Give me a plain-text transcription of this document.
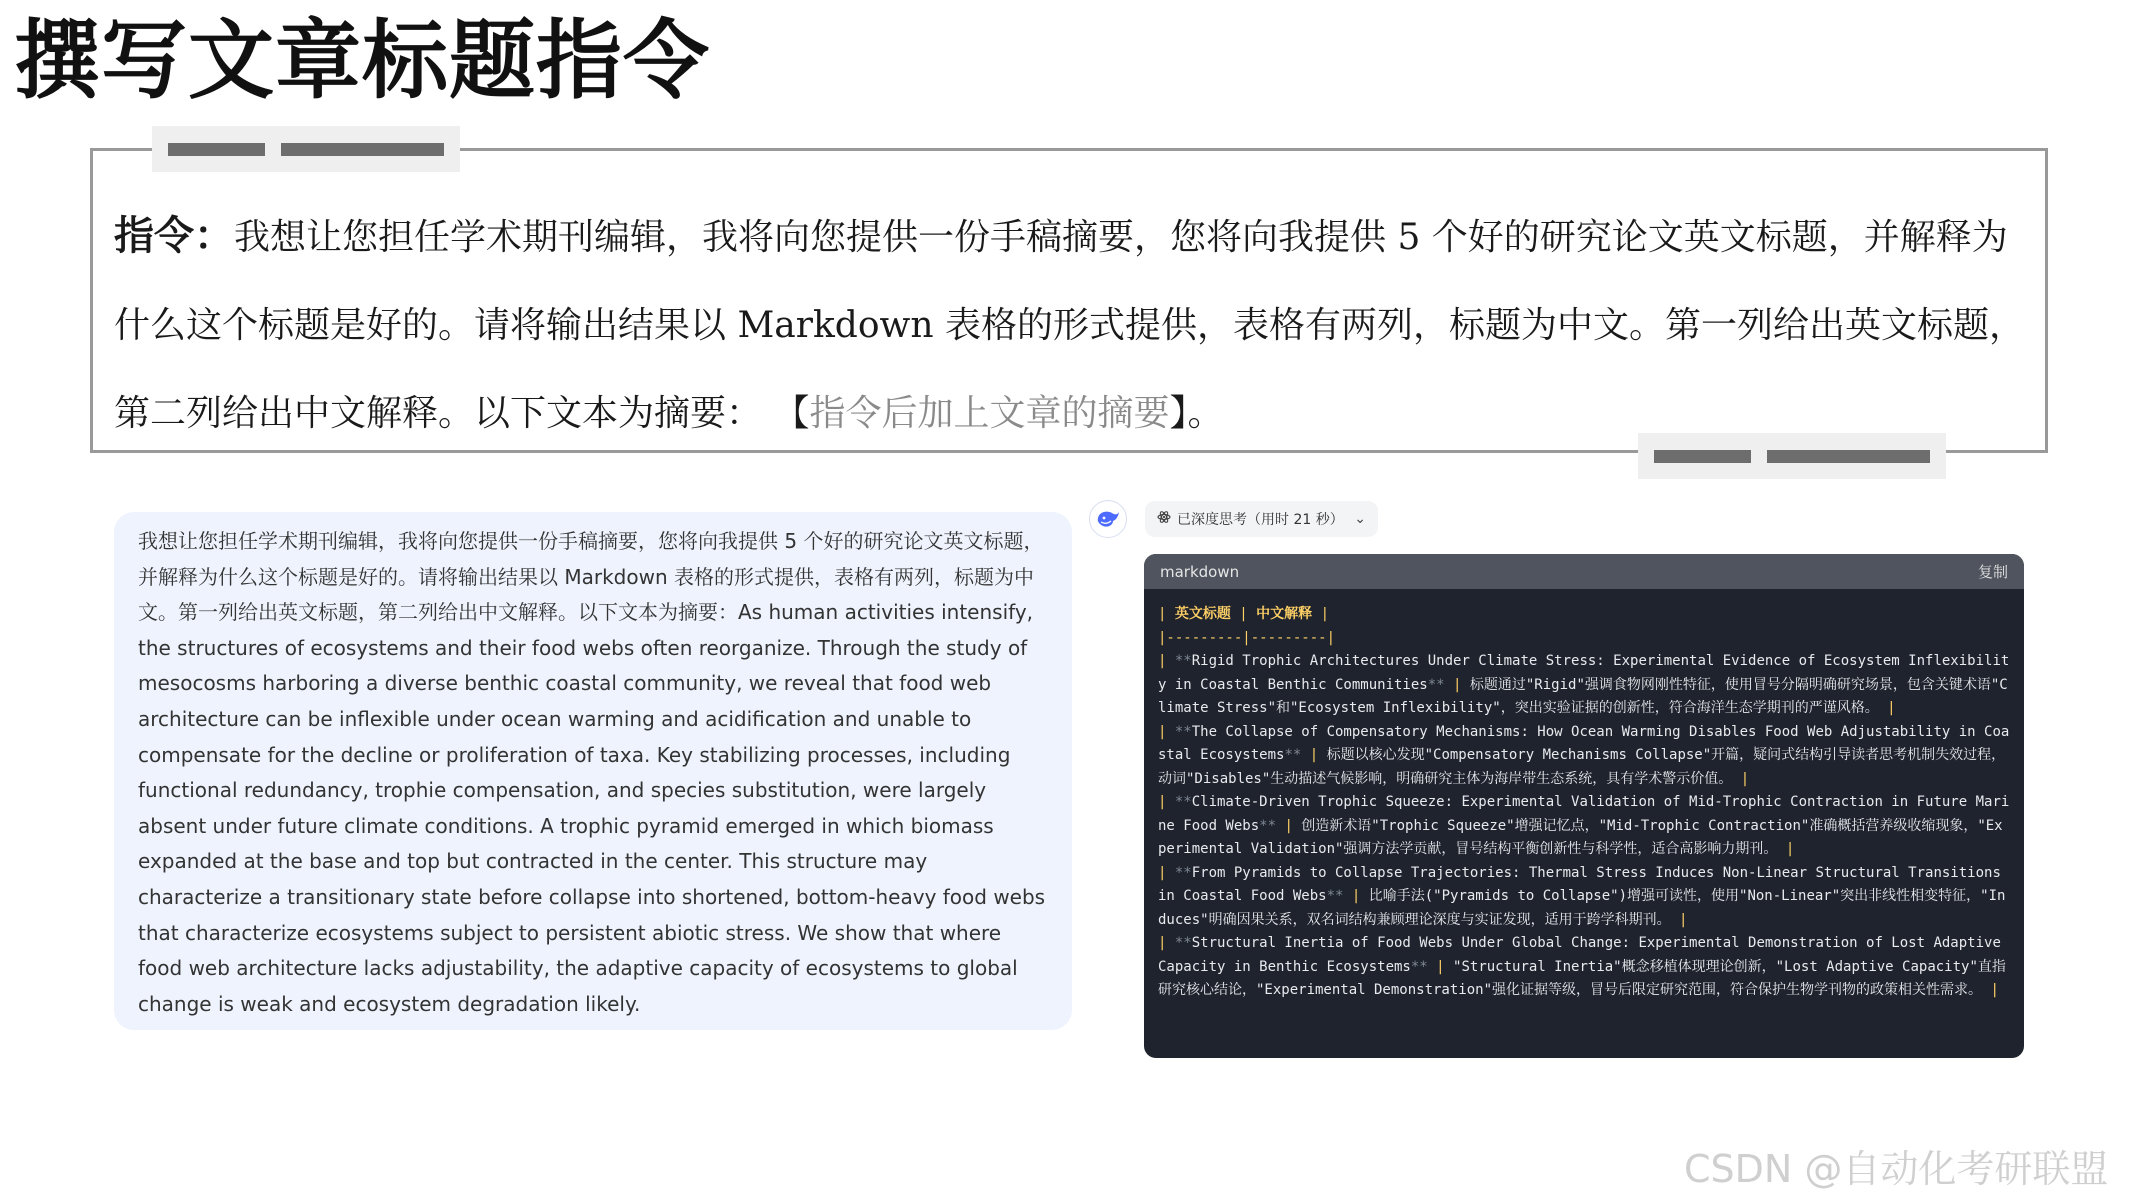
撰写文章标题指令

指令：我想让您担任学术期刊编辑，我将向您提供一份手稿摘要，您将向我提供 5 个好的研究论文英文标题，并解释为什么这个标题是好的。请将输出结果以 Markdown 表格的形式提供，表格有两列，标题为中文。第一列给出英文标题，第二列给出中文解释。以下文本为摘要： 【指令后加上文章的摘要】。

我想让您担任学术期刊编辑，我将向您提供一份手稿摘要，您将向我提供 5 个好的研究论文英文标题，并解释为什么这个标题是好的。请将输出结果以 Markdown 表格的形式提供，表格有两列，标题为中文。第一列给出英文标题，第二列给出中文解释。以下文本为摘要：As human activities intensify, the structures of ecosystems and their food webs often reorganize. Through the study of mesocosms harboring a diverse benthic coastal community, we reveal that food web architecture can be inflexible under ocean warming and acidification and unable to compensate for the decline or proliferation of taxa. Key stabilizing processes, including functional redundancy, trophie compensation, and species substitution, were largely absent under future climate conditions. A trophic pyramid emerged in which biomass expanded at the base and top but contracted in the center. This structure may characterize a transitionary state before collapse into shortened, bottom-heavy food webs that characterize ecosystems subject to persistent abiotic stress. We show that where food web architecture lacks adjustability, the adaptive capacity of ecosystems to global change is weak and ecosystem degradation likely.
已深度思考（用时 21 秒） ⌄
markdown	复制
| 英文标题 | 中文解释 |
|---------|---------|
| **Rigid Trophic Architectures Under Climate Stress: Experimental Evidence of Ecosystem Inflexibility in Coastal Benthic Communities** | 标题通过"Rigid"强调食物网刚性特征，使用冒号分隔明确研究场景，包含关键术语"Climate Stress"和"Ecosystem Inflexibility"，突出实验证据的创新性，符合海洋生态学期刊的严谨风格。 |
| **The Collapse of Compensatory Mechanisms: How Ocean Warming Disables Food Web Adjustability in Coastal Ecosystems** | 标题以核心发现"Compensatory Mechanisms Collapse"开篇，疑问式结构引导读者思考机制失效过程，动词"Disables"生动描述气候影响，明确研究主体为海岸带生态系统，具有学术警示价值。 |
| **Climate-Driven Trophic Squeeze: Experimental Validation of Mid-Trophic Contraction in Future Marine Food Webs** | 创造新术语"Trophic Squeeze"增强记忆点，"Mid-Trophic Contraction"准确概括营养级收缩现象，"Experimental Validation"强调方法学贡献，冒号结构平衡创新性与科学性，适合高影响力期刊。 |
| **From Pyramids to Collapse Trajectories: Thermal Stress Induces Non-Linear Structural Transitions in Coastal Food Webs** | 比喻手法("Pyramids to Collapse")增强可读性，使用"Non-Linear"突出非线性相变特征，"Induces"明确因果关系，双名词结构兼顾理论深度与实证发现，适用于跨学科期刊。 |
| **Structural Inertia of Food Webs Under Global Change: Experimental Demonstration of Lost Adaptive Capacity in Benthic Ecosystems** | "Structural Inertia"概念移植体现理论创新，"Lost Adaptive Capacity"直指研究核心结论，"Experimental Demonstration"强化证据等级，冒号后限定研究范围，符合保护生物学刊物的政策相关性需求。 |
CSDN @自动化考研联盟
